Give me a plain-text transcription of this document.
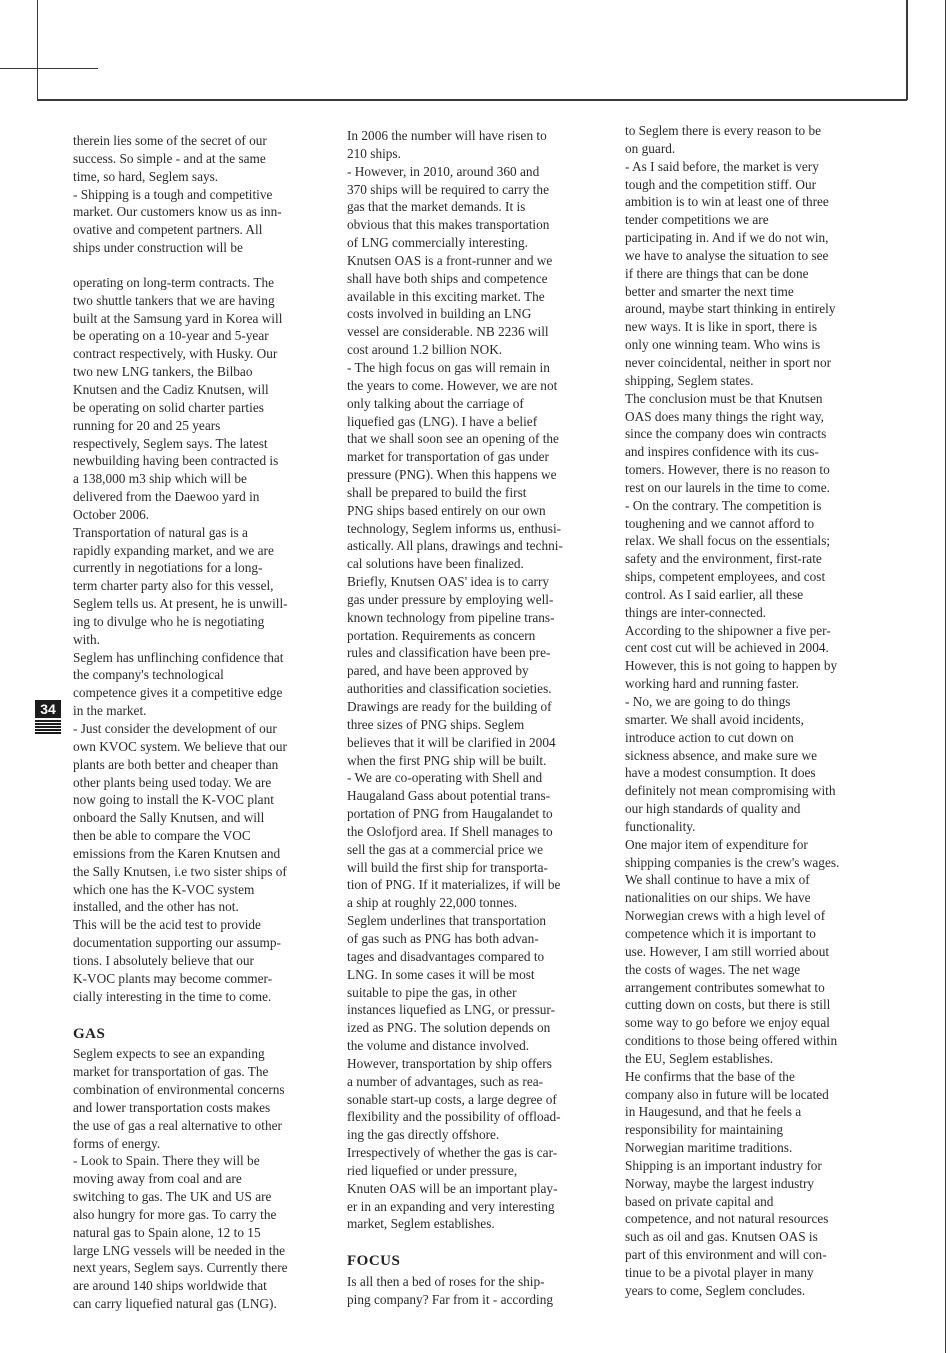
34

therein lies some of the secret of our
success. So simple - and at the same
time, so hard, Seglem says.
- Shipping is a tough and competitive
market. Our customers know us as inn-
ovative and competent partners. All
ships under construction will be

operating on long-term contracts. The
two shuttle tankers that we are having
built at the Samsung yard in Korea will
be operating on a 10-year and 5-year
contract respectively, with Husky. Our
two new LNG tankers, the Bilbao
Knutsen and the Cadiz Knutsen, will
be operating on solid charter parties
running for 20 and 25 years
respectively, Seglem says. The latest
newbuilding having been contracted is
a 138,000 m3 ship which will be
delivered from the Daewoo yard in
October 2006.
Transportation of natural gas is a
rapidly expanding market, and we are
currently in negotiations for a long-
term charter party also for this vessel,
Seglem tells us. At present, he is unwill-
ing to divulge who he is negotiating
with.
Seglem has unflinching confidence that
the company's technological
competence gives it a competitive edge
in the market.
- Just consider the development of our
own KVOC system. We believe that our
plants are both better and cheaper than
other plants being used today. We are
now going to install the K-VOC plant
onboard the Sally Knutsen, and will
then be able to compare the VOC
emissions from the Karen Knutsen and
the Sally Knutsen, i.e two sister ships of
which one has the K-VOC system
installed, and the other has not.
This will be the acid test to provide
documentation supporting our assump-
tions. I absolutely believe that our
K-VOC plants may become commer-
cially interesting in the time to come.

GAS

Seglem expects to see an expanding
market for transportation of gas. The
combination of environmental concerns
and lower transportation costs makes
the use of gas a real alternative to other
forms of energy.
- Look to Spain. There they will be
moving away from coal and are
switching to gas. The UK and US are
also hungry for more gas. To carry the
natural gas to Spain alone, 12 to 15
large LNG vessels will be needed in the
next years, Seglem says. Currently there
are around 140 ships worldwide that
can carry liquefied natural gas (LNG).

In 2006 the number will have risen to
210 ships.
- However, in 2010, around 360 and
370 ships will be required to carry the
gas that the market demands. It is
obvious that this makes transportation
of LNG commercially interesting.
Knutsen OAS is a front-runner and we
shall have both ships and competence
available in this exciting market. The
costs involved in building an LNG
vessel are considerable. NB 2236 will
cost around 1.2 billion NOK.
- The high focus on gas will remain in
the years to come. However, we are not
only talking about the carriage of
liquefied gas (LNG). I have a belief
that we shall soon see an opening of the
market for transportation of gas under
pressure (PNG). When this happens we
shall be prepared to build the first
PNG ships based entirely on our own
technology, Seglem informs us, enthusi-
astically. All plans, drawings and techni-
cal solutions have been finalized.
Briefly, Knutsen OAS' idea is to carry
gas under pressure by employing well-
known technology from pipeline trans-
portation. Requirements as concern
rules and classification have been pre-
pared, and have been approved by
authorities and classification societies.
Drawings are ready for the building of
three sizes of PNG ships. Seglem
believes that it will be clarified in 2004
when the first PNG ship will be built.
- We are co-operating with Shell and
Haugaland Gass about potential trans-
portation of PNG from Haugalandet to
the Oslofjord area. If Shell manages to
sell the gas at a commercial price we
will build the first ship for transporta-
tion of PNG. If it materializes, if will be
a ship at roughly 22,000 tonnes.
Seglem underlines that transportation
of gas such as PNG has both advan-
tages and disadvantages compared to
LNG. In some cases it will be most
suitable to pipe the gas, in other
instances liquefied as LNG, or pressur-
ized as PNG. The solution depends on
the volume and distance involved.
However, transportation by ship offers
a number of advantages, such as rea-
sonable start-up costs, a large degree of
flexibility and the possibility of offload-
ing the gas directly offshore.
Irrespectively of whether the gas is car-
ried liquefied or under pressure,
Knuten OAS will be an important play-
er in an expanding and very interesting
market, Seglem establishes.

FOCUS

Is all then a bed of roses for the ship-
ping company? Far from it - according

to Seglem there is every reason to be
on guard.
- As I said before, the market is very
tough and the competition stiff. Our
ambition is to win at least one of three
tender competitions we are
participating in. And if we do not win,
we have to analyse the situation to see
if there are things that can be done
better and smarter the next time
around, maybe start thinking in entirely
new ways. It is like in sport, there is
only one winning team. Who wins is
never coincidental, neither in sport nor
shipping, Seglem states.
The conclusion must be that Knutsen
OAS does many things the right way,
since the company does win contracts
and inspires confidence with its cus-
tomers. However, there is no reason to
rest on our laurels in the time to come.
- On the contrary. The competition is
toughening and we cannot afford to
relax. We shall focus on the essentials;
safety and the environment, first-rate
ships, competent employees, and cost
control. As I said earlier, all these
things are inter-connected.
According to the shipowner a five per-
cent cost cut will be achieved in 2004.
However, this is not going to happen by
working hard and running faster.
- No, we are going to do things
smarter. We shall avoid incidents,
introduce action to cut down on
sickness absence, and make sure we
have a modest consumption. It does
definitely not mean compromising with
our high standards of quality and
functionality.
One major item of expenditure for
shipping companies is the crew's wages.
We shall continue to have a mix of
nationalities on our ships. We have
Norwegian crews with a high level of
competence which it is important to
use. However, I am still worried about
the costs of wages. The net wage
arrangement contributes somewhat to
cutting down on costs, but there is still
some way to go before we enjoy equal
conditions to those being offered within
the EU, Seglem establishes.
He confirms that the base of the
company also in future will be located
in Haugesund, and that he feels a
responsibility for maintaining
Norwegian maritime traditions.
Shipping is an important industry for
Norway, maybe the largest industry
based on private capital and
competence, and not natural resources
such as oil and gas. Knutsen OAS is
part of this environment and will con-
tinue to be a pivotal player in many
years to come, Seglem concludes.
